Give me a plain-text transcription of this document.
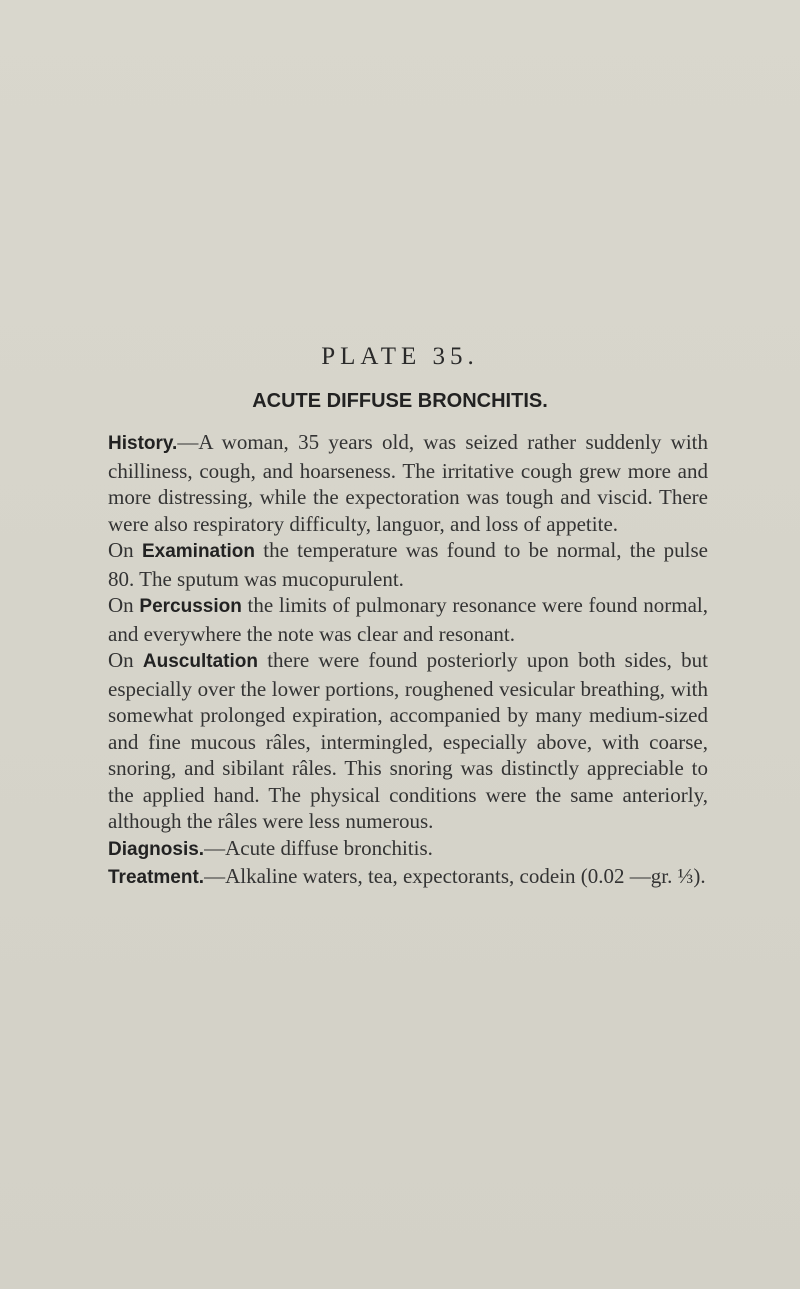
PLATE 35.
ACUTE DIFFUSE BRONCHITIS.

History.—A woman, 35 years old, was seized rather suddenly with chilliness, cough, and hoarseness. The irritative cough grew more and more distressing, while the expectoration was tough and viscid. There were also respiratory difficulty, languor, and loss of appetite.

On Examination the temperature was found to be normal, the pulse 80. The sputum was mucopurulent.

On Percussion the limits of pulmonary resonance were found normal, and everywhere the note was clear and resonant.

On Auscultation there were found posteriorly upon both sides, but especially over the lower portions, roughened vesicular breathing, with somewhat prolonged expiration, accompanied by many medium-sized and fine mucous râles, intermingled, especially above, with coarse, snoring, and sibilant râles. This snoring was distinctly appreciable to the applied hand. The physical conditions were the same anteriorly, although the râles were less numerous.

Diagnosis.—Acute diffuse bronchitis.

Treatment.—Alkaline waters, tea, expectorants, codein (0.02 —gr. ⅓).
